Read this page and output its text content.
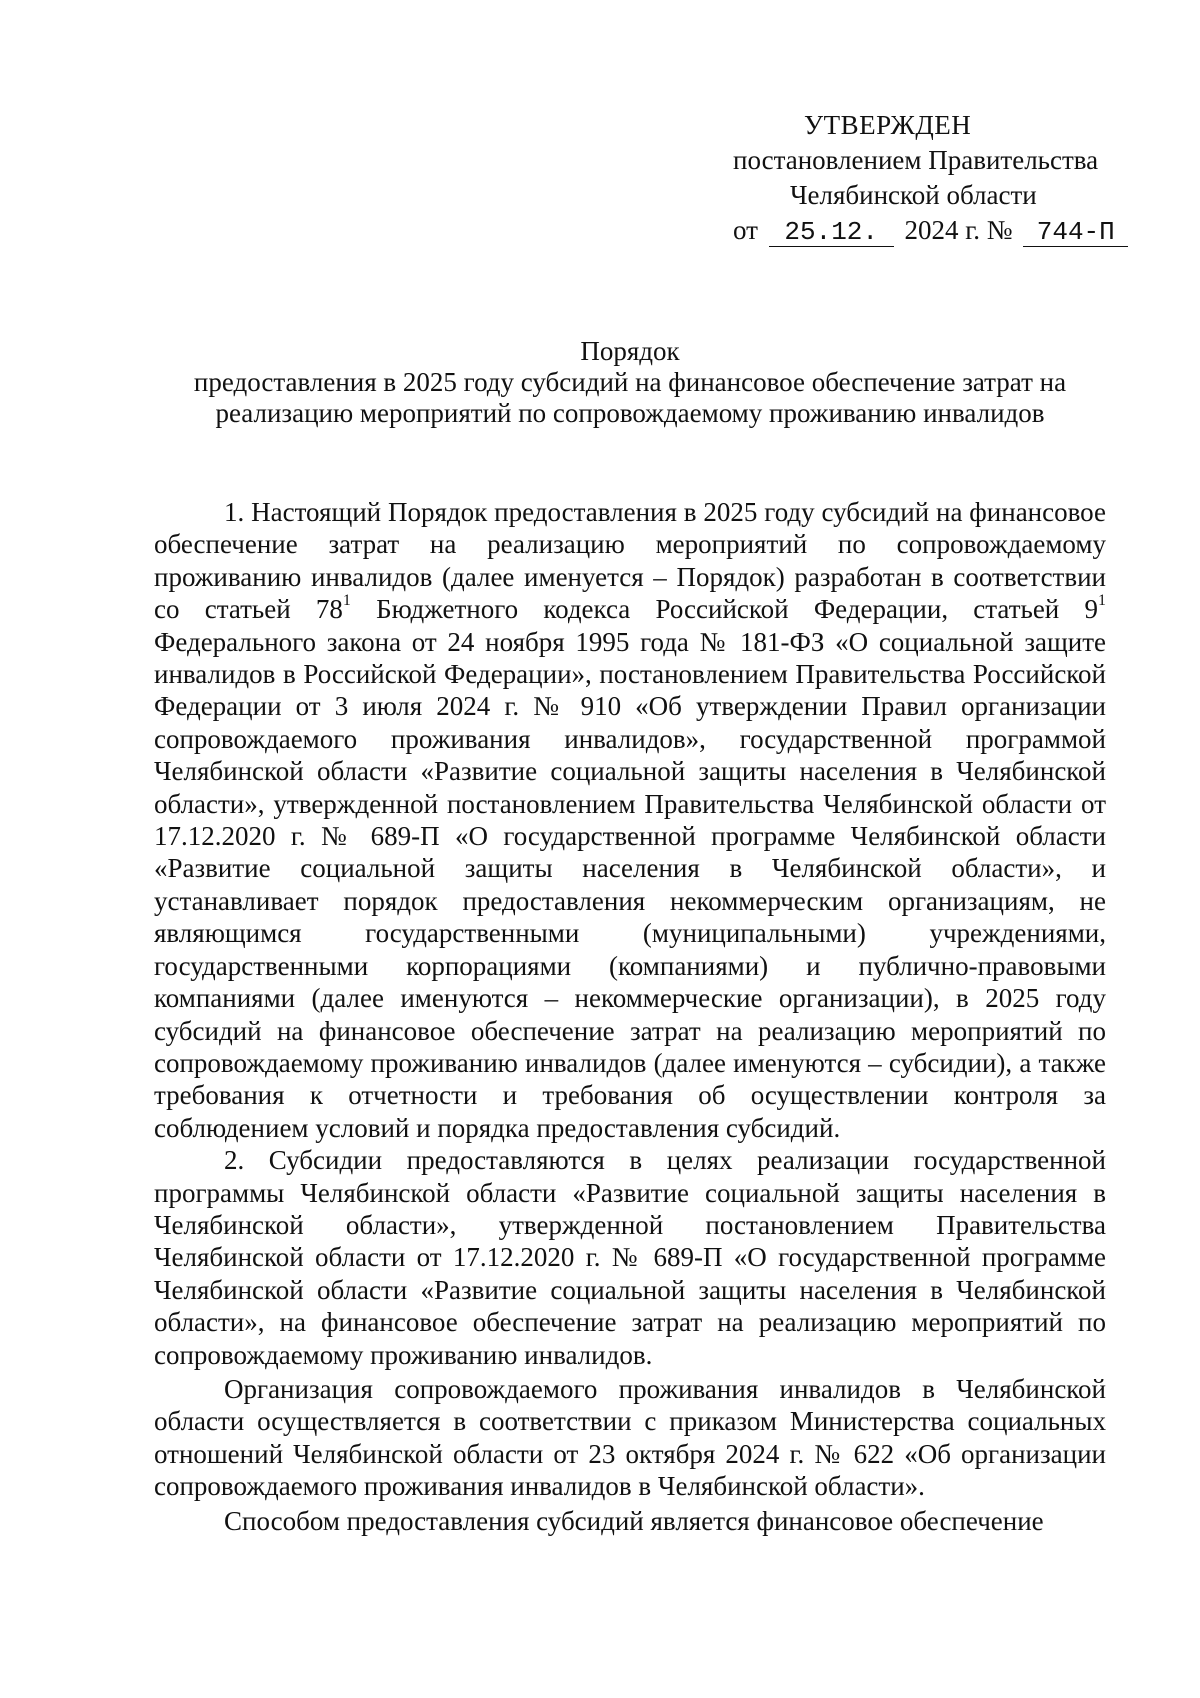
УТВЕРЖДЕН
постановлением Правительства
Челябинской области
от 25.12. 2024 г. № 744-П
Порядок
предоставления в 2025 году субсидий на финансовое обеспечение затрат на
реализацию мероприятий по сопровождаемому проживанию инвалидов

1. Настоящий Порядок предоставления в 2025 году субсидий на финансовое обеспечение затрат на реализацию мероприятий по сопровождаемому проживанию инвалидов (далее именуется – Порядок) разработан в соответствии со статьей $78^1$ Бюджетного кодекса Российской Федерации, статьей $9^1$ Федерального закона от 24 ноября 1995 года № 181-ФЗ «О социальной защите инвалидов в Российской Федерации», постановлением Правительства Российской Федерации от 3 июля 2024 г. № 910 «Об утверждении Правил организации сопровождаемого проживания инвалидов», государственной программой Челябинской области «Развитие социальной защиты населения в Челябинской области», утвержденной постановлением Правительства Челябинской области от 17.12.2020 г. № 689-П «О государственной программе Челябинской области «Развитие социальной защиты населения в Челябинской области», и устанавливает порядок предоставления некоммерческим организациям, не являющимся государственными (муниципальными) учреждениями, государственными корпорациями (компаниями) и публично-правовыми компаниями (далее именуются – некоммерческие организации), в 2025 году субсидий на финансовое обеспечение затрат на реализацию мероприятий по сопровождаемому проживанию инвалидов (далее именуются – субсидии), а также требования к отчетности и требования об осуществлении контроля за соблюдением условий и порядка предоставления субсидий.

2. Субсидии предоставляются в целях реализации государственной программы Челябинской области «Развитие социальной защиты населения в Челябинской области», утвержденной постановлением Правительства Челябинской области от 17.12.2020 г. № 689-П «О государственной программе Челябинской области «Развитие социальной защиты населения в Челябинской области», на финансовое обеспечение затрат на реализацию мероприятий по сопровождаемому проживанию инвалидов.

Организация сопровождаемого проживания инвалидов в Челябинской области осуществляется в соответствии с приказом Министерства социальных отношений Челябинской области от 23 октября 2024 г. № 622 «Об организации сопровождаемого проживания инвалидов в Челябинской области».

Способом предоставления субсидий является финансовое обеспечение
